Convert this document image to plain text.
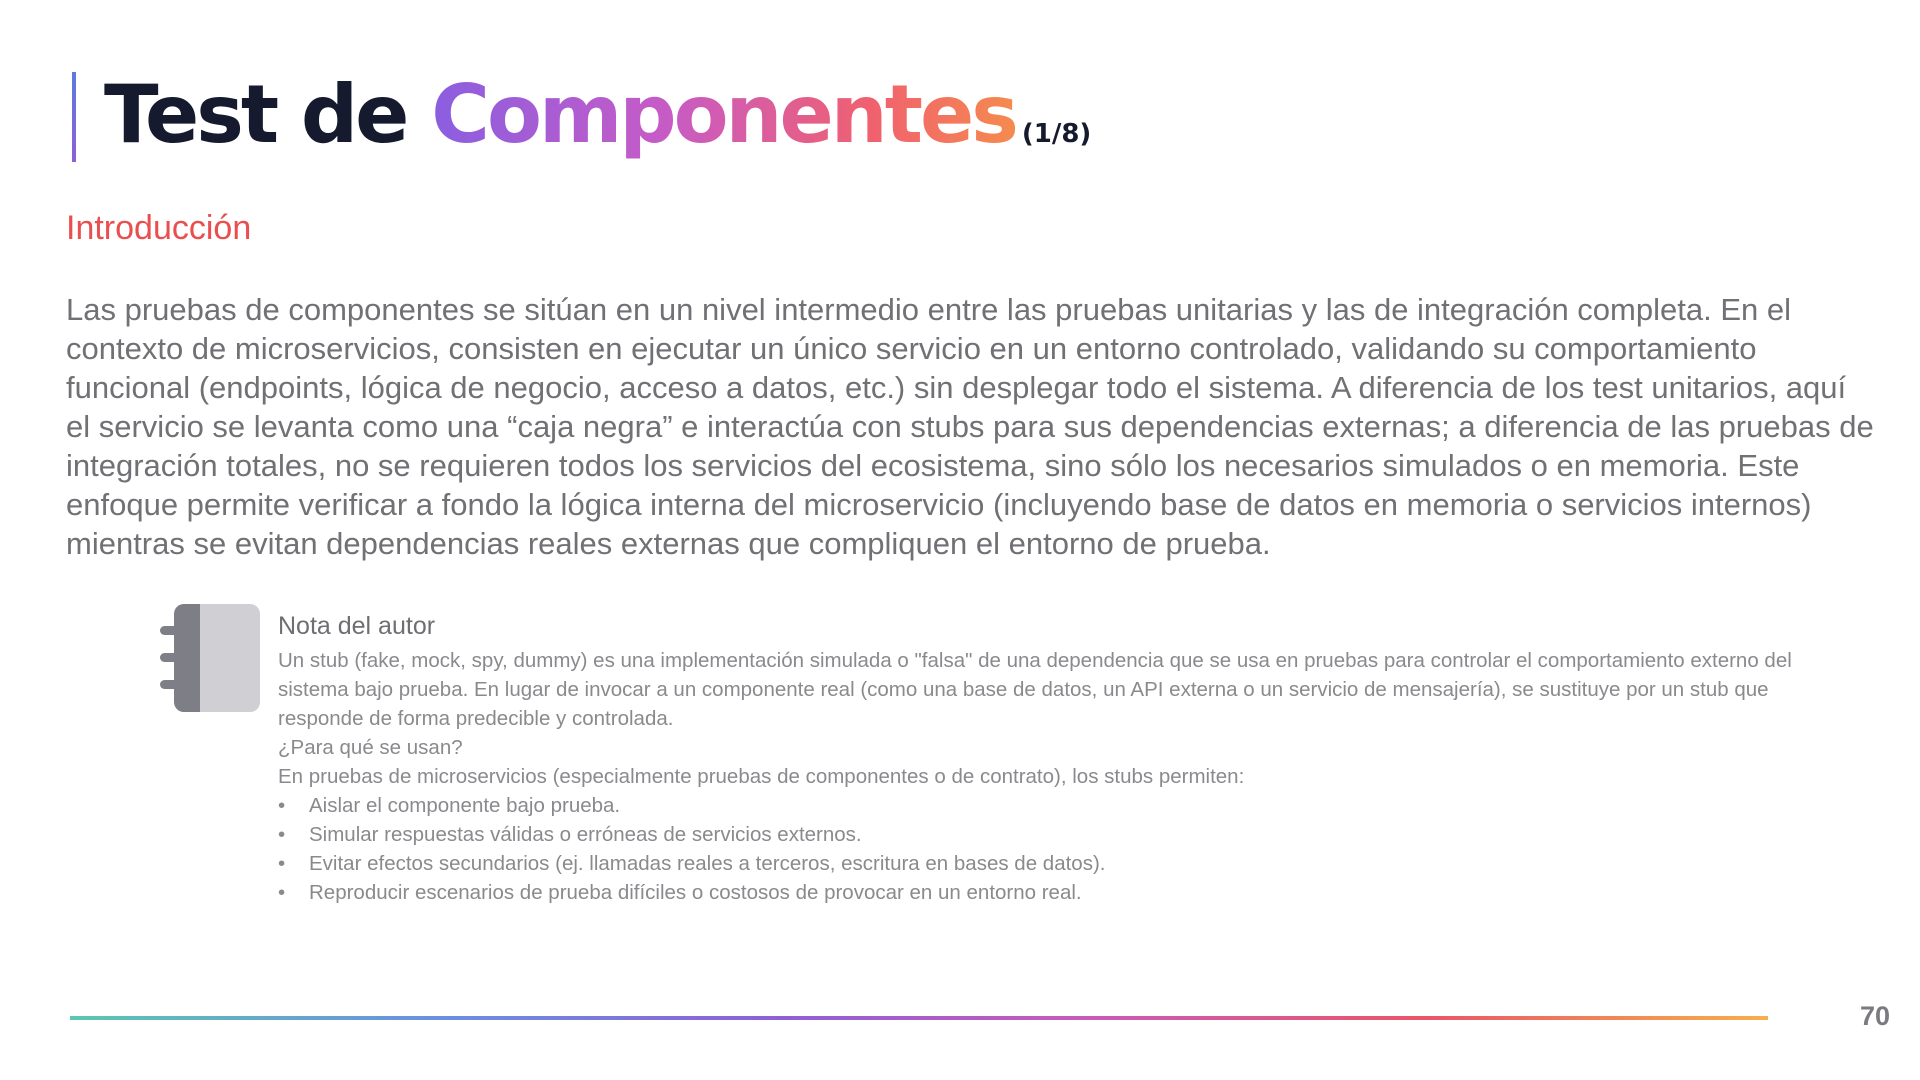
Test de Componentes (1/8)
Introducción

Las pruebas de componentes se sitúan en un nivel intermedio entre las pruebas unitarias y las de integración completa. En el contexto de microservicios, consisten en ejecutar un único servicio en un entorno controlado, validando su comportamiento funcional (endpoints, lógica de negocio, acceso a datos, etc.) sin desplegar todo el sistema. A diferencia de los test unitarios, aquí el servicio se levanta como una “caja negra” e interactúa con stubs para sus dependencias externas; a diferencia de las pruebas de integración totales, no se requieren todos los servicios del ecosistema, sino sólo los necesarios simulados o en memoria. Este enfoque permite verificar a fondo la lógica interna del microservicio (incluyendo base de datos en memoria o servicios internos) mientras se evitan dependencias reales externas que compliquen el entorno de prueba.

Nota del autor

Un stub (fake, mock, spy, dummy) es una implementación simulada o "falsa" de una dependencia que se usa en pruebas para controlar el comportamiento externo del sistema bajo prueba. En lugar de invocar a un componente real (como una base de datos, un API externa o un servicio de mensajería), se sustituye por un stub que responde de forma predecible y controlada.

¿Para qué se usan?

En pruebas de microservicios (especialmente pruebas de componentes o de contrato), los stubs permiten:

• Aislar el componente bajo prueba.
• Simular respuestas válidas o erróneas de servicios externos.
• Evitar efectos secundarios (ej. llamadas reales a terceros, escritura en bases de datos).
• Reproducir escenarios de prueba difíciles o costosos de provocar en un entorno real.
70
